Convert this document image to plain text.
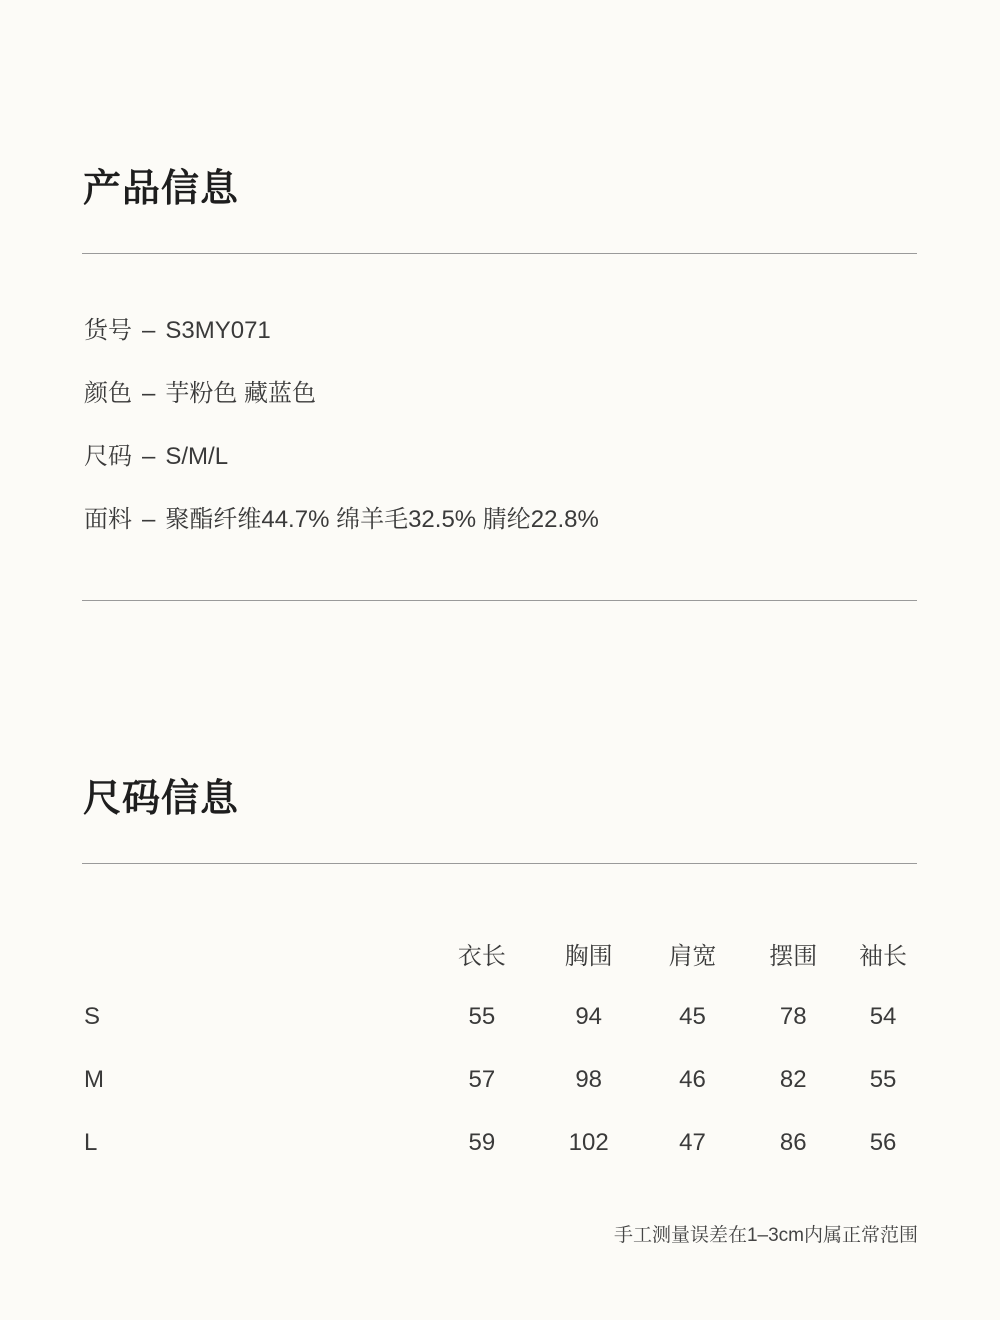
产品信息
货号 – S3MY071
颜色 – 芋粉色 藏蓝色
尺码 – S/M/L
面料 – 聚酯纤维44.7% 绵羊毛32.5% 腈纶22.8%
尺码信息
	衣长	胸围	肩宽	摆围	袖长
S	55	94	45	78	54
M	57	98	46	82	55
L	59	102	47	86	56
手工测量误差在1–3cm内属正常范围
